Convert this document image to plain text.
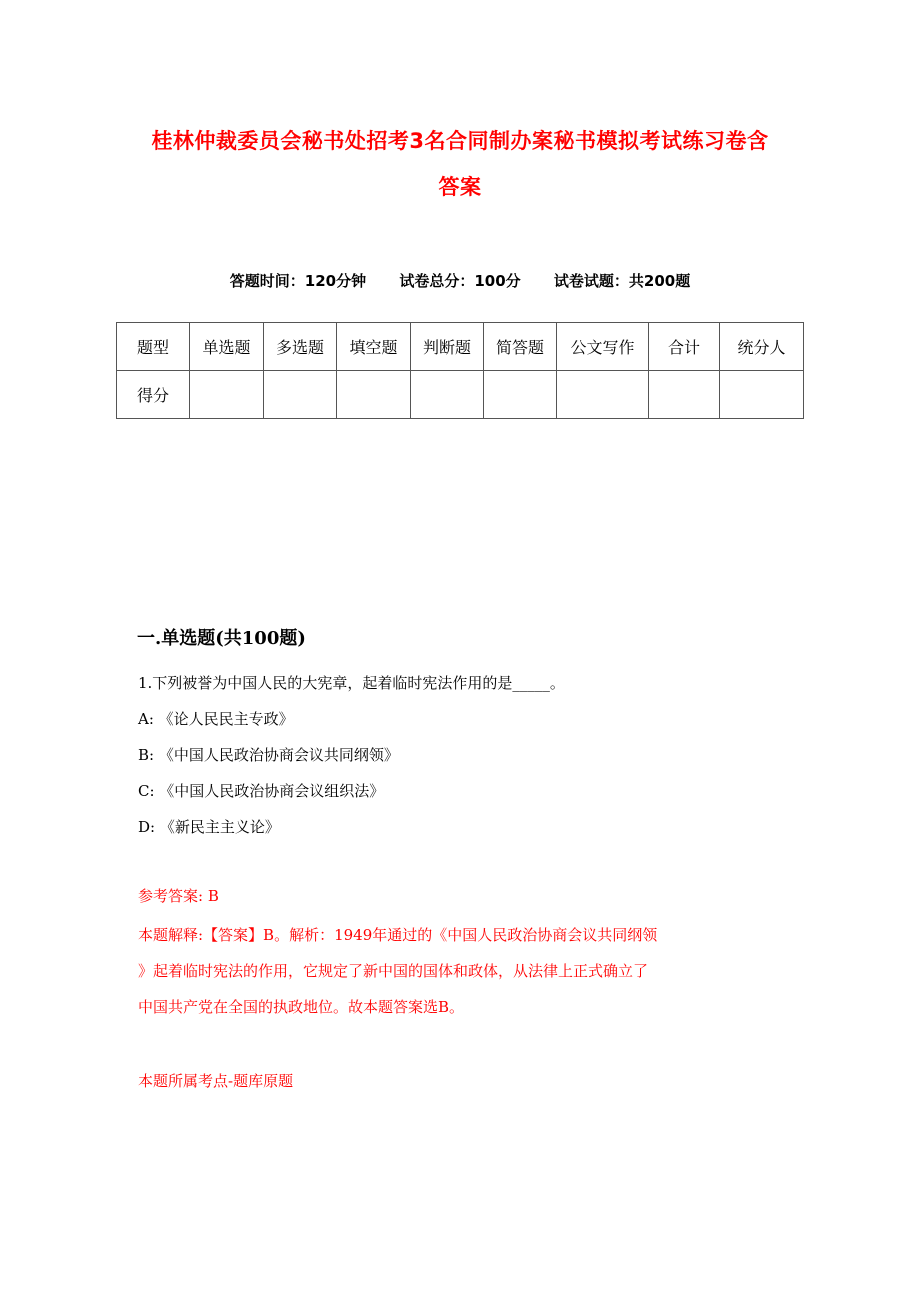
桂林仲裁委员会秘书处招考3名合同制办案秘书模拟考试练习卷含
答案
答题时间：120分钟 试卷总分：100分 试卷试题：共200题
题型	单选题	多选题	填空题	判断题	简答题	公文写作	合计	统分人
得分								
一.单选题(共100题)
1.下列被誉为中国人民的大宪章，起着临时宪法作用的是_____。
A: 《论人民民主专政》
B: 《中国人民政治协商会议共同纲领》
C: 《中国人民政治协商会议组织法》
D: 《新民主主义论》
参考答案: B
本题解释:【答案】B。解析：1949年通过的《中国人民政治协商会议共同纲领
》起着临时宪法的作用，它规定了新中国的国体和政体，从法律上正式确立了
中国共产党在全国的执政地位。故本题答案选B。
本题所属考点-题库原题
